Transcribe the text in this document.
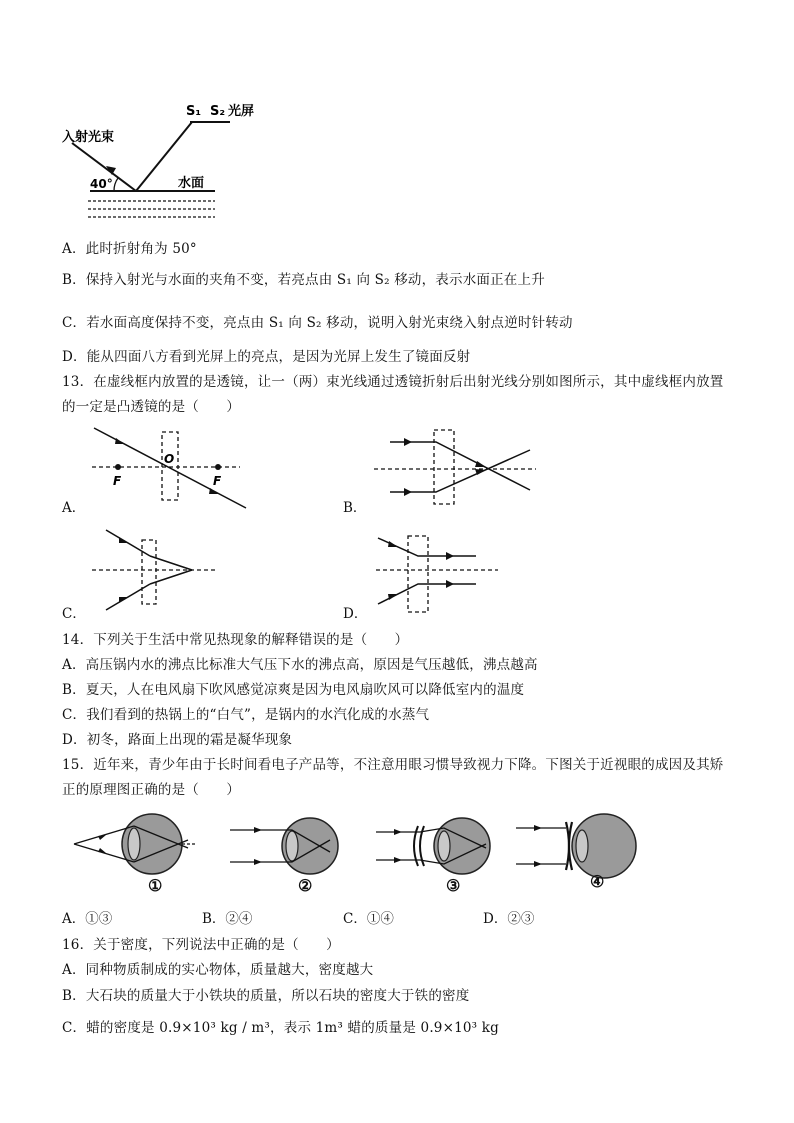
S₁ S₂ 光屏
入射光束
40°	水面
A．此时折射角为 50°
B．保持入射光与水面的夹角不变，若亮点由 S₁ 向 S₂ 移动，表示水面正在上升
C．若水面高度保持不变，亮点由 S₁ 向 S₂ 移动，说明入射光束绕入射点逆时针转动
D．能从四面八方看到光屏上的亮点，是因为光屏上发生了镜面反射
13．在虚线框内放置的是透镜，让一（两）束光线通过透镜折射后出射光线分别如图所示，其中虚线框内放置
的一定是凸透镜的是（　　）
O
F	F
A．	B．
C．	D．
14．下列关于生活中常见热现象的解释错误的是（　　）
A．高压锅内水的沸点比标准大气压下水的沸点高，原因是气压越低，沸点越高
B．夏天，人在电风扇下吹风感觉凉爽是因为电风扇吹风可以降低室内的温度
C．我们看到的热锅上的“白气”，是锅内的水汽化成的水蒸气
D．初冬，路面上出现的霜是凝华现象
15．近年来，青少年由于长时间看电子产品等，不注意用眼习惯导致视力下降。下图关于近视眼的成因及其矫
正的原理图正确的是（　　）
①	②	③	④
A．①③	B．②④	C．①④	D．②③
16．关于密度，下列说法中正确的是（　　）
A．同种物质制成的实心物体，质量越大，密度越大
B．大石块的质量大于小铁块的质量，所以石块的密度大于铁的密度
C．蜡的密度是 0.9×10³ kg / m³，表示 1m³ 蜡的质量是 0.9×10³ kg
